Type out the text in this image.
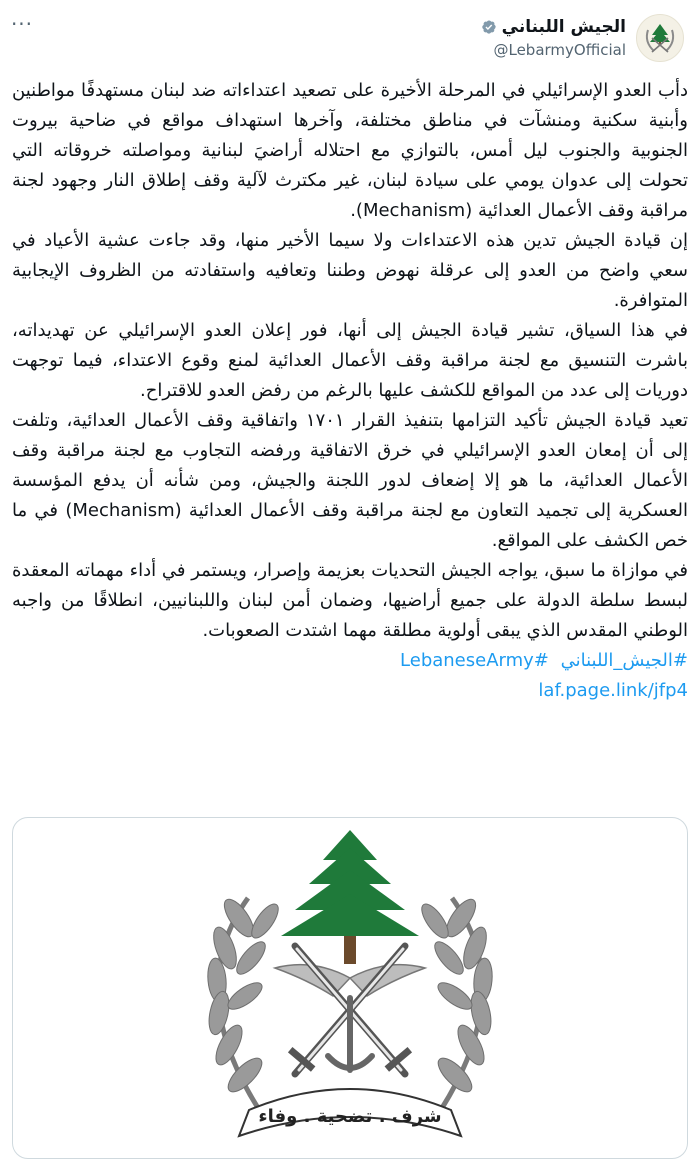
···	الجيش اللبناني
@LebarmyOfficial

دأب العدو الإسرائيلي في المرحلة الأخيرة على تصعيد اعتداءاته ضد لبنان مستهدفًا مواطنين وأبنية سكنية ومنشآت في مناطق مختلفة، وآخرها استهداف مواقع في ضاحية بيروت الجنوبية والجنوب ليل أمس، بالتوازي مع احتلاله أراضيَ لبنانية ومواصلته خروقاته التي تحولت إلى عدوان يومي على سيادة لبنان، غير مكترث لآلية وقف إطلاق النار وجهود لجنة مراقبة وقف الأعمال العدائية (Mechanism).

إن قيادة الجيش تدين هذه الاعتداءات ولا سيما الأخير منها، وقد جاءت عشية الأعياد في سعي واضح من العدو إلى عرقلة نهوض وطننا وتعافيه واستفادته من الظروف الإيجابية المتوافرة.

في هذا السياق، تشير قيادة الجيش إلى أنها، فور إعلان العدو الإسرائيلي عن تهديداته، باشرت التنسيق مع لجنة مراقبة وقف الأعمال العدائية لمنع وقوع الاعتداء، فيما توجهت دوريات إلى عدد من المواقع للكشف عليها بالرغم من رفض العدو للاقتراح.

تعيد قيادة الجيش تأكيد التزامها بتنفيذ القرار ١٧٠١ واتفاقية وقف الأعمال العدائية، وتلفت إلى أن إمعان العدو الإسرائيلي في خرق الاتفاقية ورفضه التجاوب مع لجنة مراقبة وقف الأعمال العدائية، ما هو إلا إضعاف لدور اللجنة والجيش، ومن شأنه أن يدفع المؤسسة العسكرية إلى تجميد التعاون مع لجنة مراقبة وقف الأعمال العدائية (Mechanism) في ما خص الكشف على المواقع.

في موازاة ما سبق، يواجه الجيش التحديات بعزيمة وإصرار، ويستمر في أداء مهماته المعقدة لبسط سلطة الدولة على جميع أراضيها، وضمان أمن لبنان واللبنانيين، انطلاقًا من واجبه الوطني المقدس الذي يبقى أولوية مطلقة مهما اشتدت الصعوبات.

#الجيش_اللبناني #LebaneseArmy

laf.page.link/jfp4

شرف . تضحية . وفاء
